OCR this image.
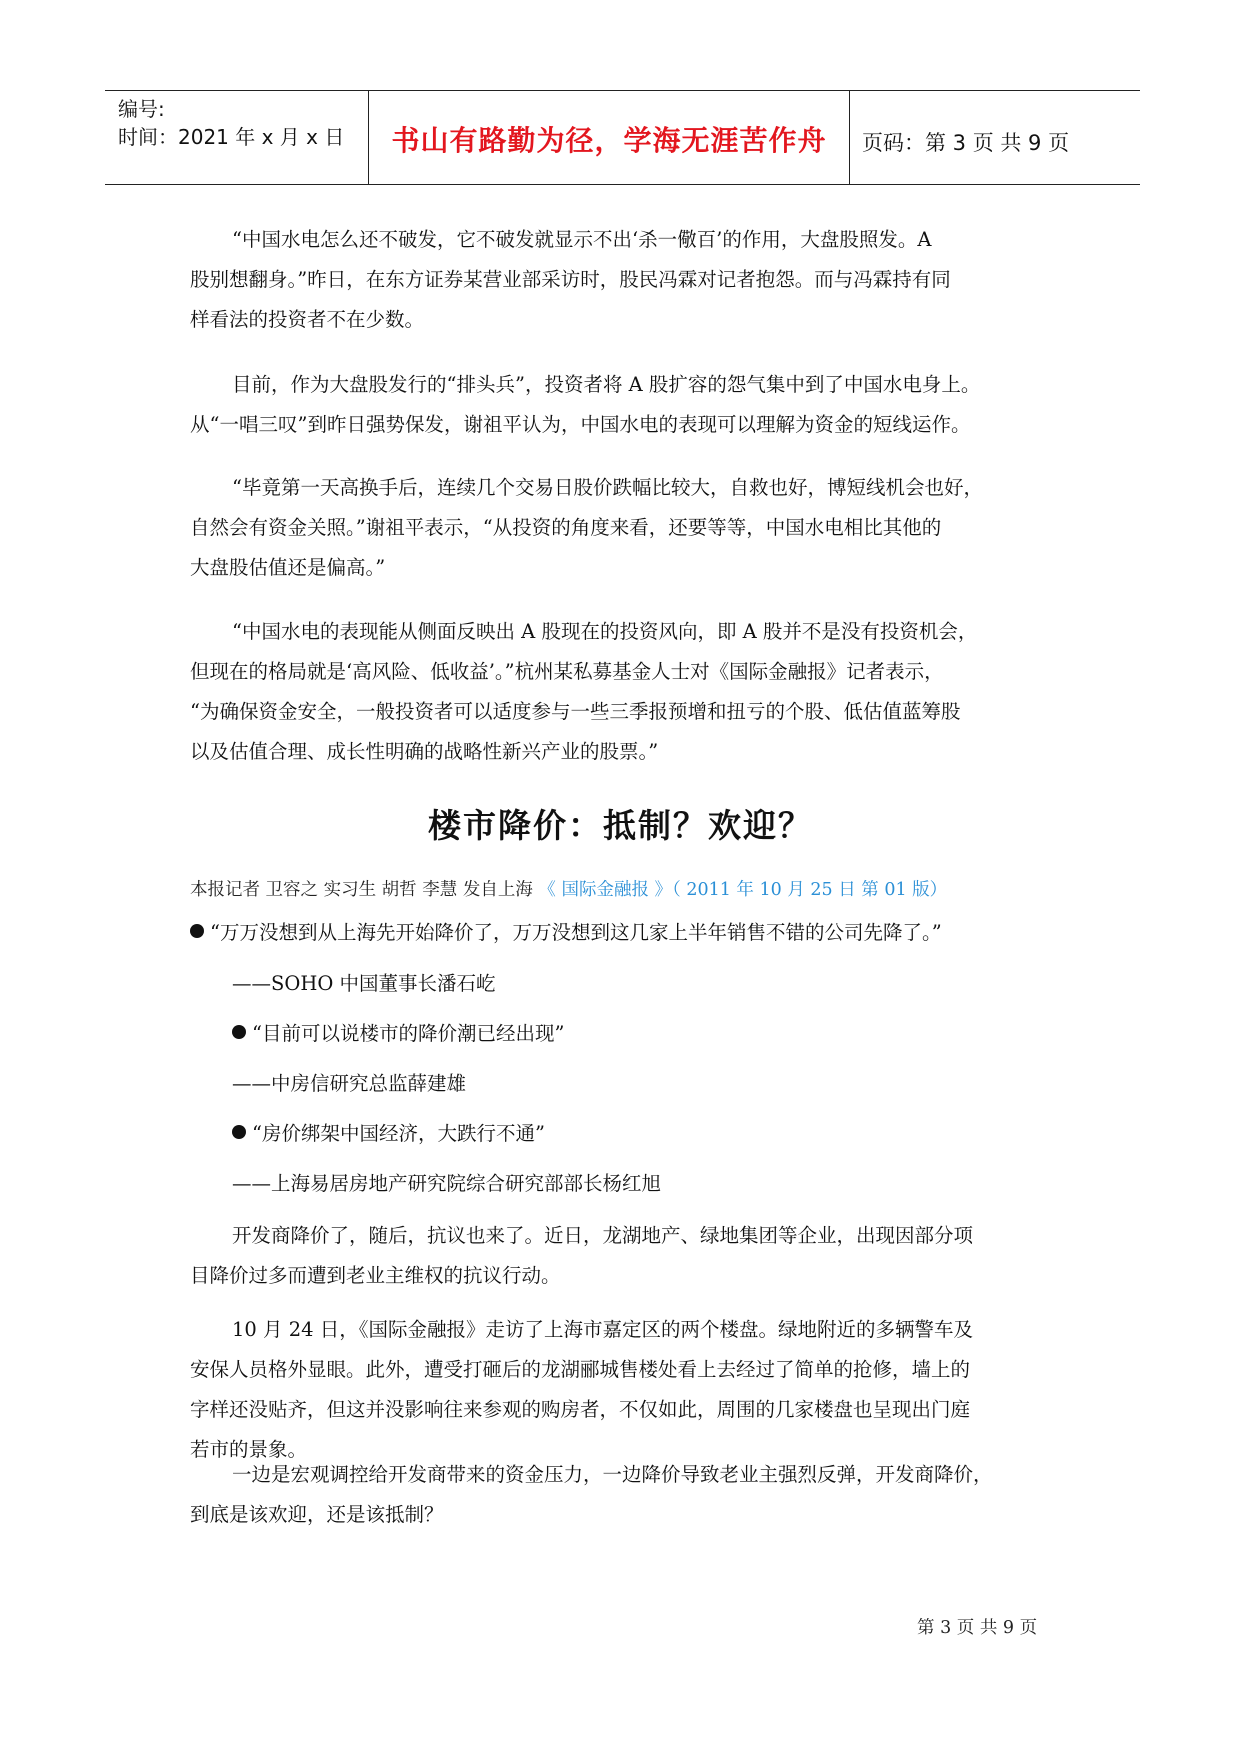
编号:
时间：2021 年 x 月 x 日	书山有路勤为径，学海无涯苦作舟	页码：第 3 页 共 9 页
“中国水电怎么还不破发，它不破发就显示不出‘杀一儆百’的作用，大盘股照发。A
股别想翻身。”昨日，在东方证券某营业部采访时，股民冯霖对记者抱怨。而与冯霖持有同
样看法的投资者不在少数。
目前，作为大盘股发行的“排头兵”，投资者将 A 股扩容的怨气集中到了中国水电身上。
从“一唱三叹”到昨日强势保发，谢祖平认为，中国水电的表现可以理解为资金的短线运作。
“毕竟第一天高换手后，连续几个交易日股价跌幅比较大，自救也好，博短线机会也好，
自然会有资金关照。”谢祖平表示，“从投资的角度来看，还要等等，中国水电相比其他的
大盘股估值还是偏高。”
“中国水电的表现能从侧面反映出 A 股现在的投资风向，即 A 股并不是没有投资机会，
但现在的格局就是‘高风险、低收益’。”杭州某私募基金人士对《国际金融报》记者表示，
“为确保资金安全，一般投资者可以适度参与一些三季报预增和扭亏的个股、低估值蓝筹股
以及估值合理、成长性明确的战略性新兴产业的股票。”
楼市降价：抵制？欢迎？
本报记者 卫容之 实习生 胡哲 李慧 发自上海 《 国际金融报 》（ 2011 年 10 月 25 日 第 01 版）
“万万没想到从上海先开始降价了，万万没想到这几家上半年销售不错的公司先降了。”
——SOHO 中国董事长潘石屹
“目前可以说楼市的降价潮已经出现”
——中房信研究总监薛建雄
“房价绑架中国经济，大跌行不通”
——上海易居房地产研究院综合研究部部长杨红旭
开发商降价了，随后，抗议也来了。近日，龙湖地产、绿地集团等企业，出现因部分项
目降价过多而遭到老业主维权的抗议行动。
10 月 24 日，《国际金融报》走访了上海市嘉定区的两个楼盘。绿地附近的多辆警车及
安保人员格外显眼。此外，遭受打砸后的龙湖郦城售楼处看上去经过了简单的抢修，墙上的
字样还没贴齐，但这并没影响往来参观的购房者，不仅如此，周围的几家楼盘也呈现出门庭
若市的景象。
一边是宏观调控给开发商带来的资金压力，一边降价导致老业主强烈反弹，开发商降价，
到底是该欢迎，还是该抵制？
第 3 页 共 9 页
